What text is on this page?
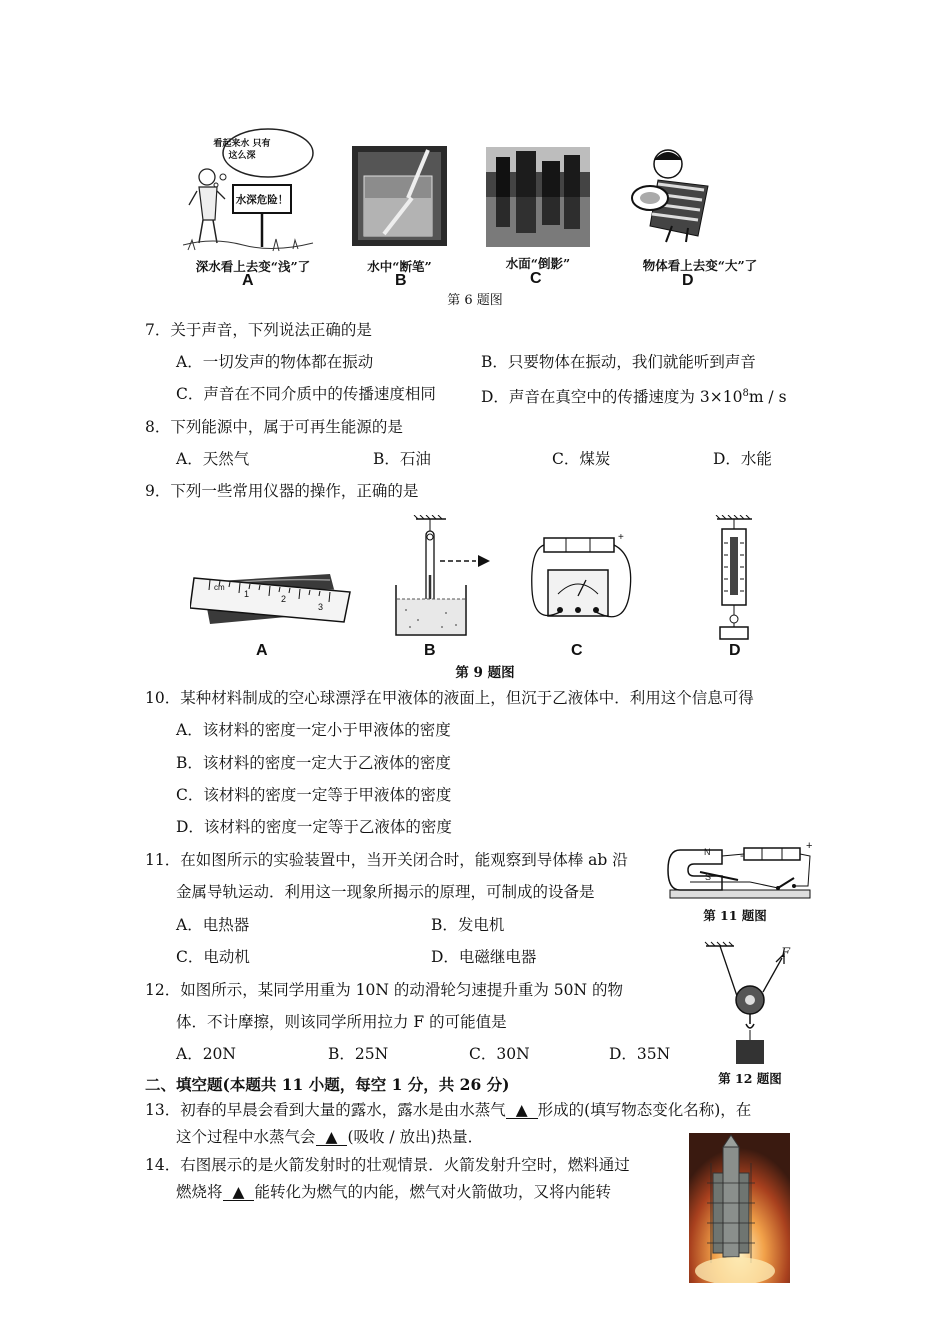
看起来水 只有这么深
水深危险！
深水看上去变“浅”了
A
水中“断笔”
B
水面“倒影”
C
物体看上去变“大”了
D
第 6 题图
7．关于声音，下列说法正确的是
A．一切发声的物体都在振动	B．只要物体在振动，我们就能听到声音
C．声音在不同介质中的传播速度相同	D．声音在真空中的传播速度为 $3\times 10^8m / s$
8．下列能源中，属于可再生能源的是
A．天然气	B．石油	C．煤炭	D．水能
9．下列一些常用仪器的操作，正确的是
cm
1	2
3
+
A	B	C	D
第 9 题图
10．某种材料制成的空心球漂浮在甲液体的液面上，但沉于乙液体中．利用这个信息可得
A．该材料的密度一定小于甲液体的密度
B．该材料的密度一定大于乙液体的密度
C．该材料的密度一定等于甲液体的密度
D．该材料的密度一定等于乙液体的密度
11．在如图所示的实验装置中，当开关闭合时，能观察到导体棒 ab 沿
金属导轨运动．利用这一现象所揭示的原理，可制成的设备是
A．电热器	B．发电机
C．电动机	D．电磁继电器
N
S
-
+
第 11 题图
12．如图所示，某同学用重为 10N 的动滑轮匀速提升重为 50N 的物
体．不计摩擦，则该同学所用拉力 F 的可能值是
A．20N	B．25N	C．30N	D．35N
F
第 12 题图
二、填空题(本题共 11 小题，每空 1 分，共 26 分)
13．初春的早晨会看到大量的露水，露水是由水蒸气 ▲ 形成的(填写物态变化名称)，在
这个过程中水蒸气会 ▲ (吸收 / 放出)热量．
14．右图展示的是火箭发射时的壮观情景．火箭发射升空时，燃料通过
燃烧将 ▲ 能转化为燃气的内能，燃气对火箭做功，又将内能转
